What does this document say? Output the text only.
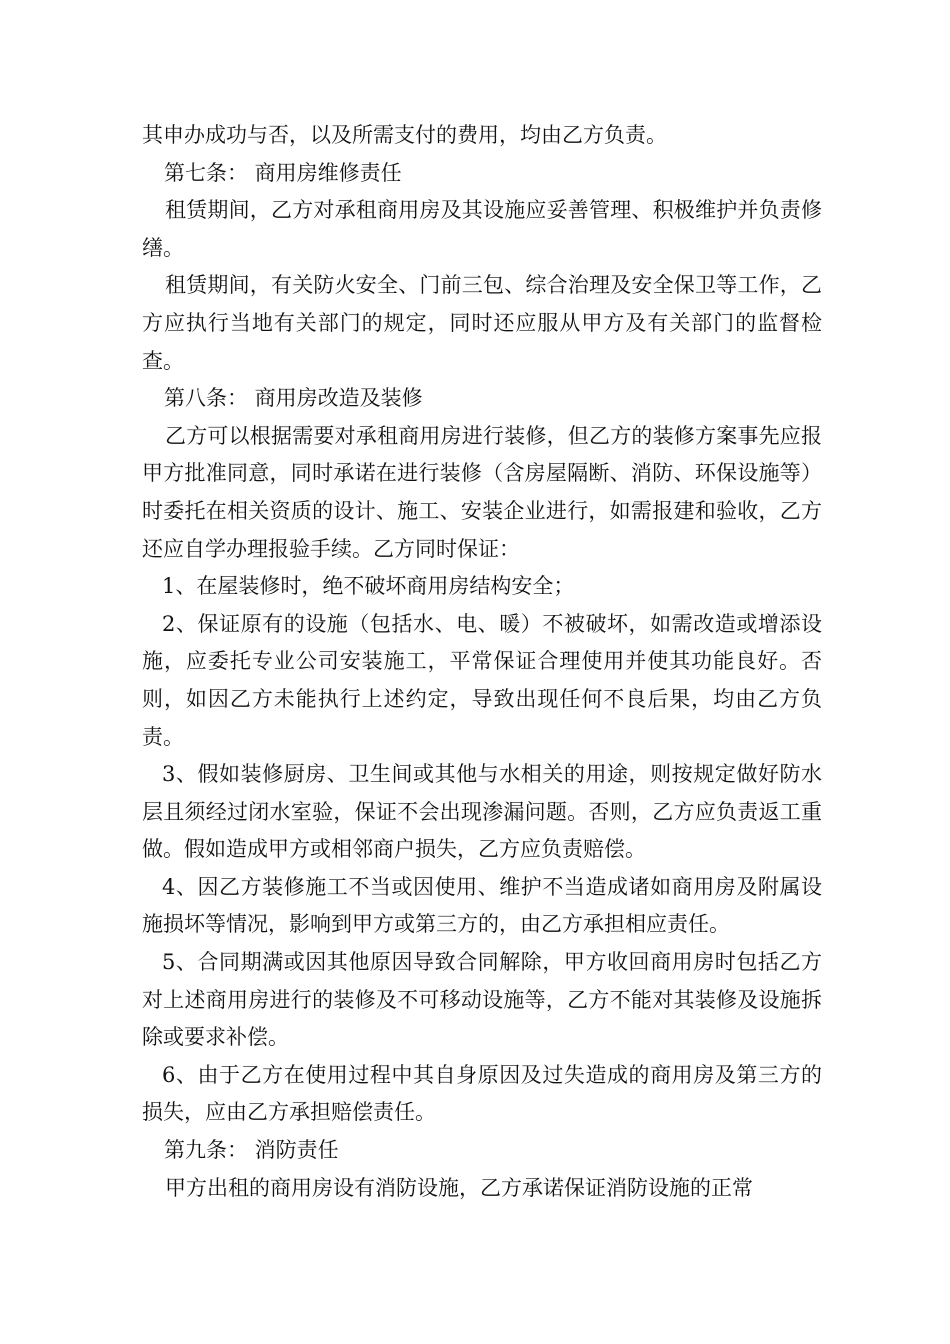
其申办成功与否，以及所需支付的费用，均由乙方负责。

第七条： 商用房维修责任

租赁期间，乙方对承租商用房及其设施应妥善管理、积极维护并负责修缮。

租赁期间，有关防火安全、门前三包、综合治理及安全保卫等工作，乙方应执行当地有关部门的规定，同时还应服从甲方及有关部门的监督检查。

第八条： 商用房改造及装修

乙方可以根据需要对承租商用房进行装修，但乙方的装修方案事先应报甲方批准同意，同时承诺在进行装修（含房屋隔断、消防、环保设施等）时委托在相关资质的设计、施工、安装企业进行，如需报建和验收，乙方还应自学办理报验手续。乙方同时保证：

1、在屋装修时，绝不破坏商用房结构安全；

2、保证原有的设施（包括水、电、暖）不被破坏，如需改造或增添设施，应委托专业公司安装施工，平常保证合理使用并使其功能良好。否则，如因乙方未能执行上述约定，导致出现任何不良后果，均由乙方负责。

3、假如装修厨房、卫生间或其他与水相关的用途，则按规定做好防水层且须经过闭水室验，保证不会出现渗漏问题。否则，乙方应负责返工重做。假如造成甲方或相邻商户损失，乙方应负责赔偿。

4、因乙方装修施工不当或因使用、维护不当造成诸如商用房及附属设施损坏等情况，影响到甲方或第三方的，由乙方承担相应责任。

5、合同期满或因其他原因导致合同解除，甲方收回商用房时包括乙方对上述商用房进行的装修及不可移动设施等，乙方不能对其装修及设施拆除或要求补偿。

6、由于乙方在使用过程中其自身原因及过失造成的商用房及第三方的损失，应由乙方承担赔偿责任。

第九条： 消防责任

甲方出租的商用房设有消防设施，乙方承诺保证消防设施的正常
